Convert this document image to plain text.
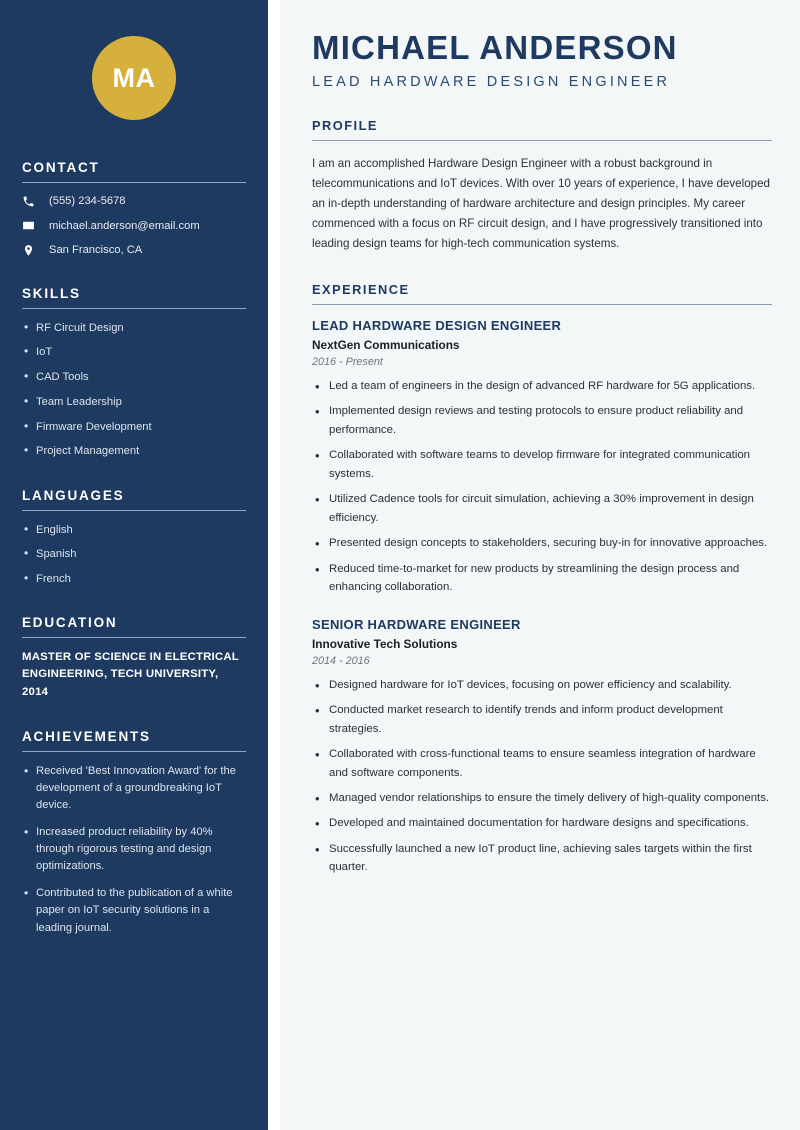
MA
CONTACT
(555) 234-5678
michael.anderson@email.com
San Francisco, CA
SKILLS
• RF Circuit Design
• IoT
• CAD Tools
• Team Leadership
• Firmware Development
• Project Management
LANGUAGES
• English
• Spanish
• French
EDUCATION
MASTER OF SCIENCE IN ELECTRICAL ENGINEERING, TECH UNIVERSITY, 2014
ACHIEVEMENTS
• Received 'Best Innovation Award' for the development of a groundbreaking IoT device.
• Increased product reliability by 40% through rigorous testing and design optimizations.
• Contributed to the publication of a white paper on IoT security solutions in a leading journal.
MICHAEL ANDERSON
LEAD HARDWARE DESIGN ENGINEER
PROFILE

I am an accomplished Hardware Design Engineer with a robust background in telecommunications and IoT devices. With over 10 years of experience, I have developed an in-depth understanding of hardware architecture and design principles. My career commenced with a focus on RF circuit design, and I have progressively transitioned into leading design teams for high-tech communication systems.

EXPERIENCE
LEAD HARDWARE DESIGN ENGINEER
NextGen Communications
2016 - Present
• Led a team of engineers in the design of advanced RF hardware for 5G applications.
• Implemented design reviews and testing protocols to ensure product reliability and performance.
• Collaborated with software teams to develop firmware for integrated communication systems.
• Utilized Cadence tools for circuit simulation, achieving a 30% improvement in design efficiency.
• Presented design concepts to stakeholders, securing buy-in for innovative approaches.
• Reduced time-to-market for new products by streamlining the design process and enhancing collaboration.
SENIOR HARDWARE ENGINEER
Innovative Tech Solutions
2014 - 2016
• Designed hardware for IoT devices, focusing on power efficiency and scalability.
• Conducted market research to identify trends and inform product development strategies.
• Collaborated with cross-functional teams to ensure seamless integration of hardware and software components.
• Managed vendor relationships to ensure the timely delivery of high-quality components.
• Developed and maintained documentation for hardware designs and specifications.
• Successfully launched a new IoT product line, achieving sales targets within the first quarter.
